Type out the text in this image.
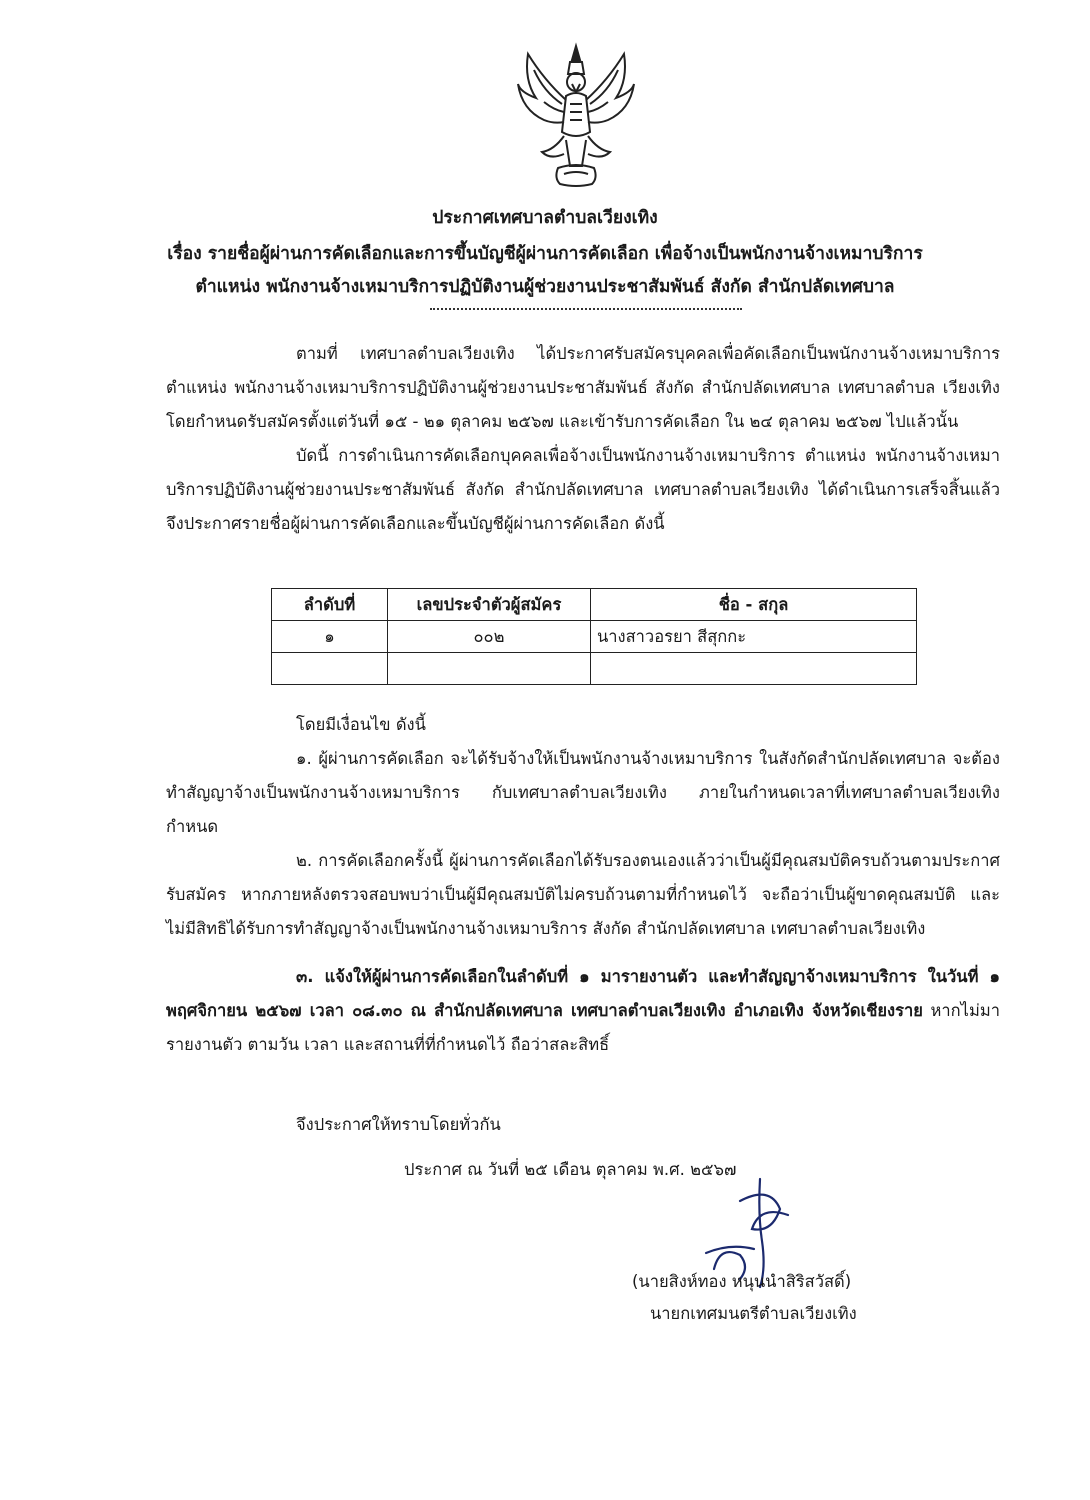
ประกาศเทศบาลตำบลเวียงเทิง
เรื่อง รายชื่อผู้ผ่านการคัดเลือกและการขึ้นบัญชีผู้ผ่านการคัดเลือก เพื่อจ้างเป็นพนักงานจ้างเหมาบริการ
ตำแหน่ง พนักงานจ้างเหมาบริการปฏิบัติงานผู้ช่วยงานประชาสัมพันธ์ สังกัด สำนักปลัดเทศบาล

ตามที่ เทศบาลตำบลเวียงเทิง ได้ประกาศรับสมัครบุคคลเพื่อคัดเลือกเป็นพนักงานจ้างเหมาบริการ ตำแหน่ง พนักงานจ้างเหมาบริการปฏิบัติงานผู้ช่วยงานประชาสัมพันธ์ สังกัด สำนักปลัดเทศบาล เทศบาลตำบล เวียงเทิง โดยกำหนดรับสมัครตั้งแต่วันที่ ๑๕ - ๒๑ ตุลาคม ๒๕๖๗ และเข้ารับการคัดเลือก ใน ๒๔ ตุลาคม ๒๕๖๗ ไปแล้วนั้น

บัดนี้ การดำเนินการคัดเลือกบุคคลเพื่อจ้างเป็นพนักงานจ้างเหมาบริการ ตำแหน่ง พนักงานจ้างเหมาบริการปฏิบัติงานผู้ช่วยงานประชาสัมพันธ์ สังกัด สำนักปลัดเทศบาล เทศบาลตำบลเวียงเทิง ได้ดำเนินการเสร็จสิ้นแล้ว จึงประกาศรายชื่อผู้ผ่านการคัดเลือกและขึ้นบัญชีผู้ผ่านการคัดเลือก ดังนี้

ลำดับที่	เลขประจำตัวผู้สมัคร	ชื่อ - สกุล
๑	๐๐๒	นางสาวอรยา สีสุกกะ

โดยมีเงื่อนไข ดังนี้

๑. ผู้ผ่านการคัดเลือก จะได้รับจ้างให้เป็นพนักงานจ้างเหมาบริการ ในสังกัดสำนักปลัดเทศบาล จะต้องทำสัญญาจ้างเป็นพนักงานจ้างเหมาบริการ กับเทศบาลตำบลเวียงเทิง ภายในกำหนดเวลาที่เทศบาลตำบลเวียงเทิง กำหนด

๒. การคัดเลือกครั้งนี้ ผู้ผ่านการคัดเลือกได้รับรองตนเองแล้วว่าเป็นผู้มีคุณสมบัติครบถ้วนตามประกาศรับสมัคร หากภายหลังตรวจสอบพบว่าเป็นผู้มีคุณสมบัติไม่ครบถ้วนตามที่กำหนดไว้ จะถือว่าเป็นผู้ขาดคุณสมบัติ และไม่มีสิทธิได้รับการทำสัญญาจ้างเป็นพนักงานจ้างเหมาบริการ สังกัด สำนักปลัดเทศบาล เทศบาลตำบลเวียงเทิง

๓. แจ้งให้ผู้ผ่านการคัดเลือกในลำดับที่ ๑ มารายงานตัว และทำสัญญาจ้างเหมาบริการ ในวันที่ ๑ พฤศจิกายน ๒๕๖๗ เวลา ๐๘.๓๐ ณ สำนักปลัดเทศบาล เทศบาลตำบลเวียงเทิง อำเภอเทิง จังหวัดเชียงราย หากไม่มารายงานตัว ตามวัน เวลา และสถานที่ที่กำหนดไว้ ถือว่าสละสิทธิ์

จึงประกาศให้ทราบโดยทั่วกัน
ประกาศ ณ วันที่ ๒๕ เดือน ตุลาคม พ.ศ. ๒๕๖๗
(นายสิงห์ทอง หนุนนำสิริสวัสดิ์)
นายกเทศมนตรีตำบลเวียงเทิง
